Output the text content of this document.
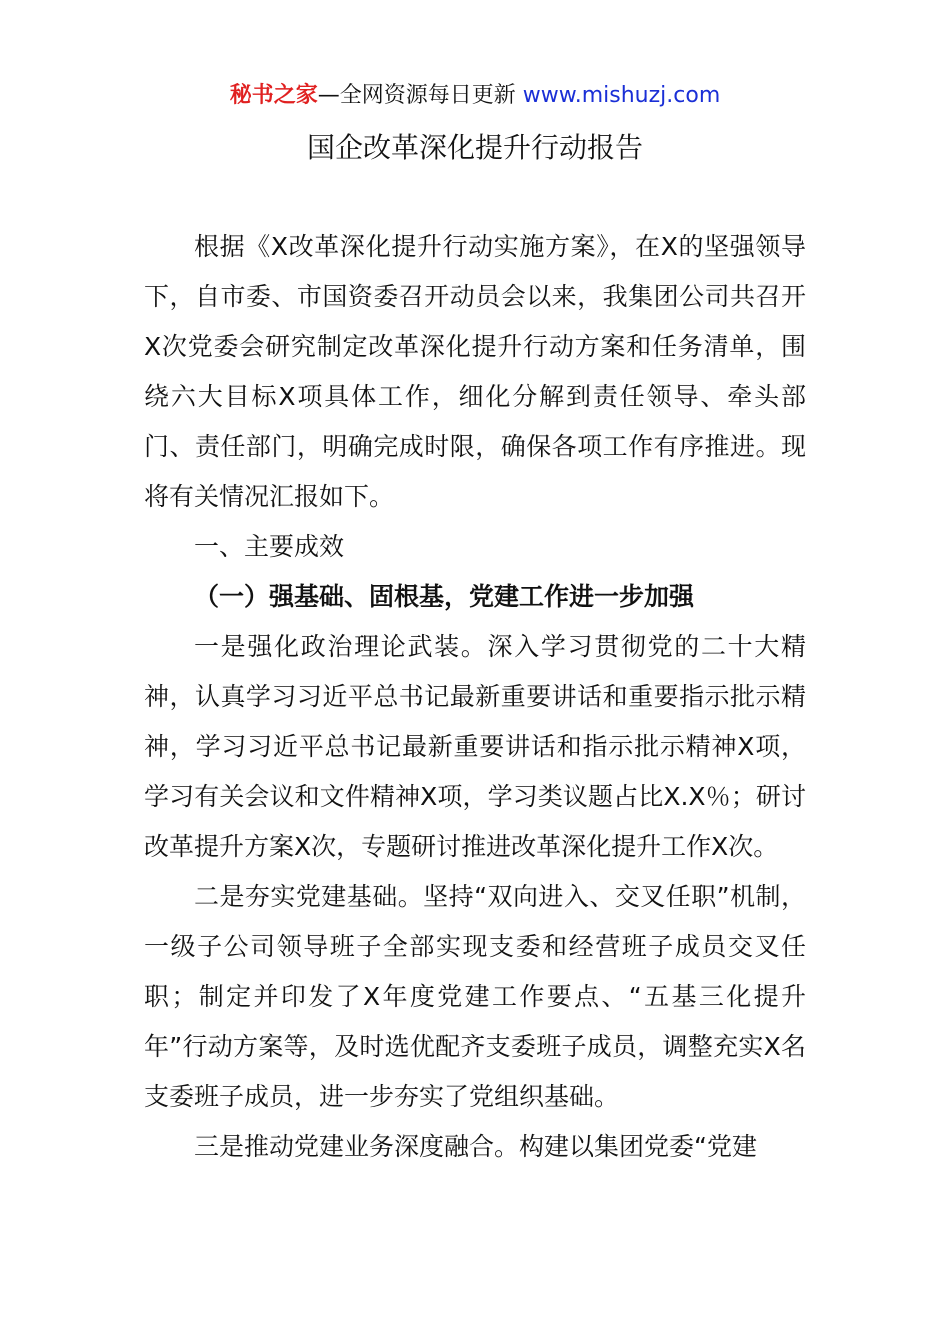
秘书之家—全网资源每日更新 www.mishuzj.com
国企改革深化提升行动报告

根据《X改革深化提升行动实施方案》，在X的坚强领导下，自市委、市国资委召开动员会以来，我集团公司共召开X次党委会研究制定改革深化提升行动方案和任务清单，围绕六大目标X项具体工作，细化分解到责任领导、牵头部门、责任部门，明确完成时限，确保各项工作有序推进。现将有关情况汇报如下。

一、主要成效

（一）强基础、固根基，党建工作进一步加强

一是强化政治理论武装。深入学习贯彻党的二十大精神，认真学习习近平总书记最新重要讲话和重要指示批示精神，学习习近平总书记最新重要讲话和指示批示精神X项，学习有关会议和文件精神X项，学习类议题占比X.X％；研讨改革提升方案X次，专题研讨推进改革深化提升工作X次。

二是夯实党建基础。坚持“双向进入、交叉任职”机制，一级子公司领导班子全部实现支委和经营班子成员交叉任职；制定并印发了X年度党建工作要点、“五基三化提升年”行动方案等，及时选优配齐支委班子成员，调整充实X名支委班子成员，进一步夯实了党组织基础。

三是推动党建业务深度融合。构建以集团党委“党建
